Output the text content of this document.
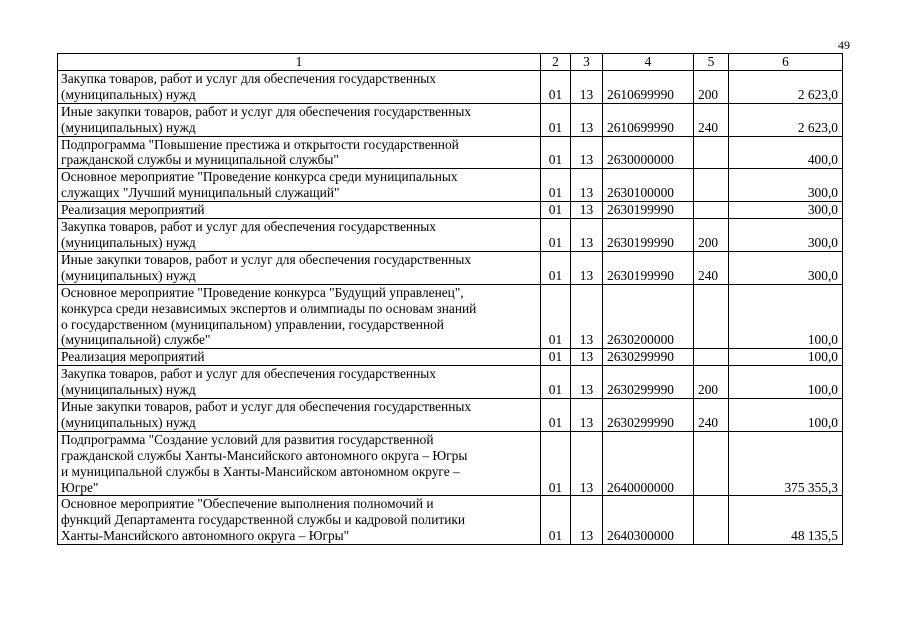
49
1	2	3	4	5	6

Закупка товаров, работ и услуг для обеспечения государственных
(муниципальных) нужд	01	13	2610699990	200	2 623,0

Иные закупки товаров, работ и услуг для обеспечения государственных
(муниципальных) нужд	01	13	2610699990	240	2 623,0

Подпрограмма "Повышение престижа и открытости государственной
гражданской службы и муниципальной службы"	01	13	2630000000		400,0

Основное мероприятие "Проведение конкурса среди муниципальных
служащих "Лучший муниципальный служащий"	01	13	2630100000		300,0

Реализация мероприятий	01	13	2630199990		300,0

Закупка товаров, работ и услуг для обеспечения государственных
(муниципальных) нужд	01	13	2630199990	200	300,0

Иные закупки товаров, работ и услуг для обеспечения государственных
(муниципальных) нужд	01	13	2630199990	240	300,0

Основное мероприятие "Проведение конкурса "Будущий управленец",
конкурса среди независимых экспертов и олимпиады по основам знаний
о государственном (муниципальном) управлении, государственной
(муниципальной) службе"	01	13	2630200000		100,0

Реализация мероприятий	01	13	2630299990		100,0

Закупка товаров, работ и услуг для обеспечения государственных
(муниципальных) нужд	01	13	2630299990	200	100,0

Иные закупки товаров, работ и услуг для обеспечения государственных
(муниципальных) нужд	01	13	2630299990	240	100,0

Подпрограмма "Создание условий для развития государственной
гражданской службы Ханты-Мансийского автономного округа – Югры
и муниципальной службы в Ханты-Мансийском автономном округе –
Югре"	01	13	2640000000		375 355,3

Основное мероприятие "Обеспечение выполнения полномочий и
функций Департамента государственной службы и кадровой политики
Ханты-Мансийского автономного округа – Югры"	01	13	2640300000		48 135,5
